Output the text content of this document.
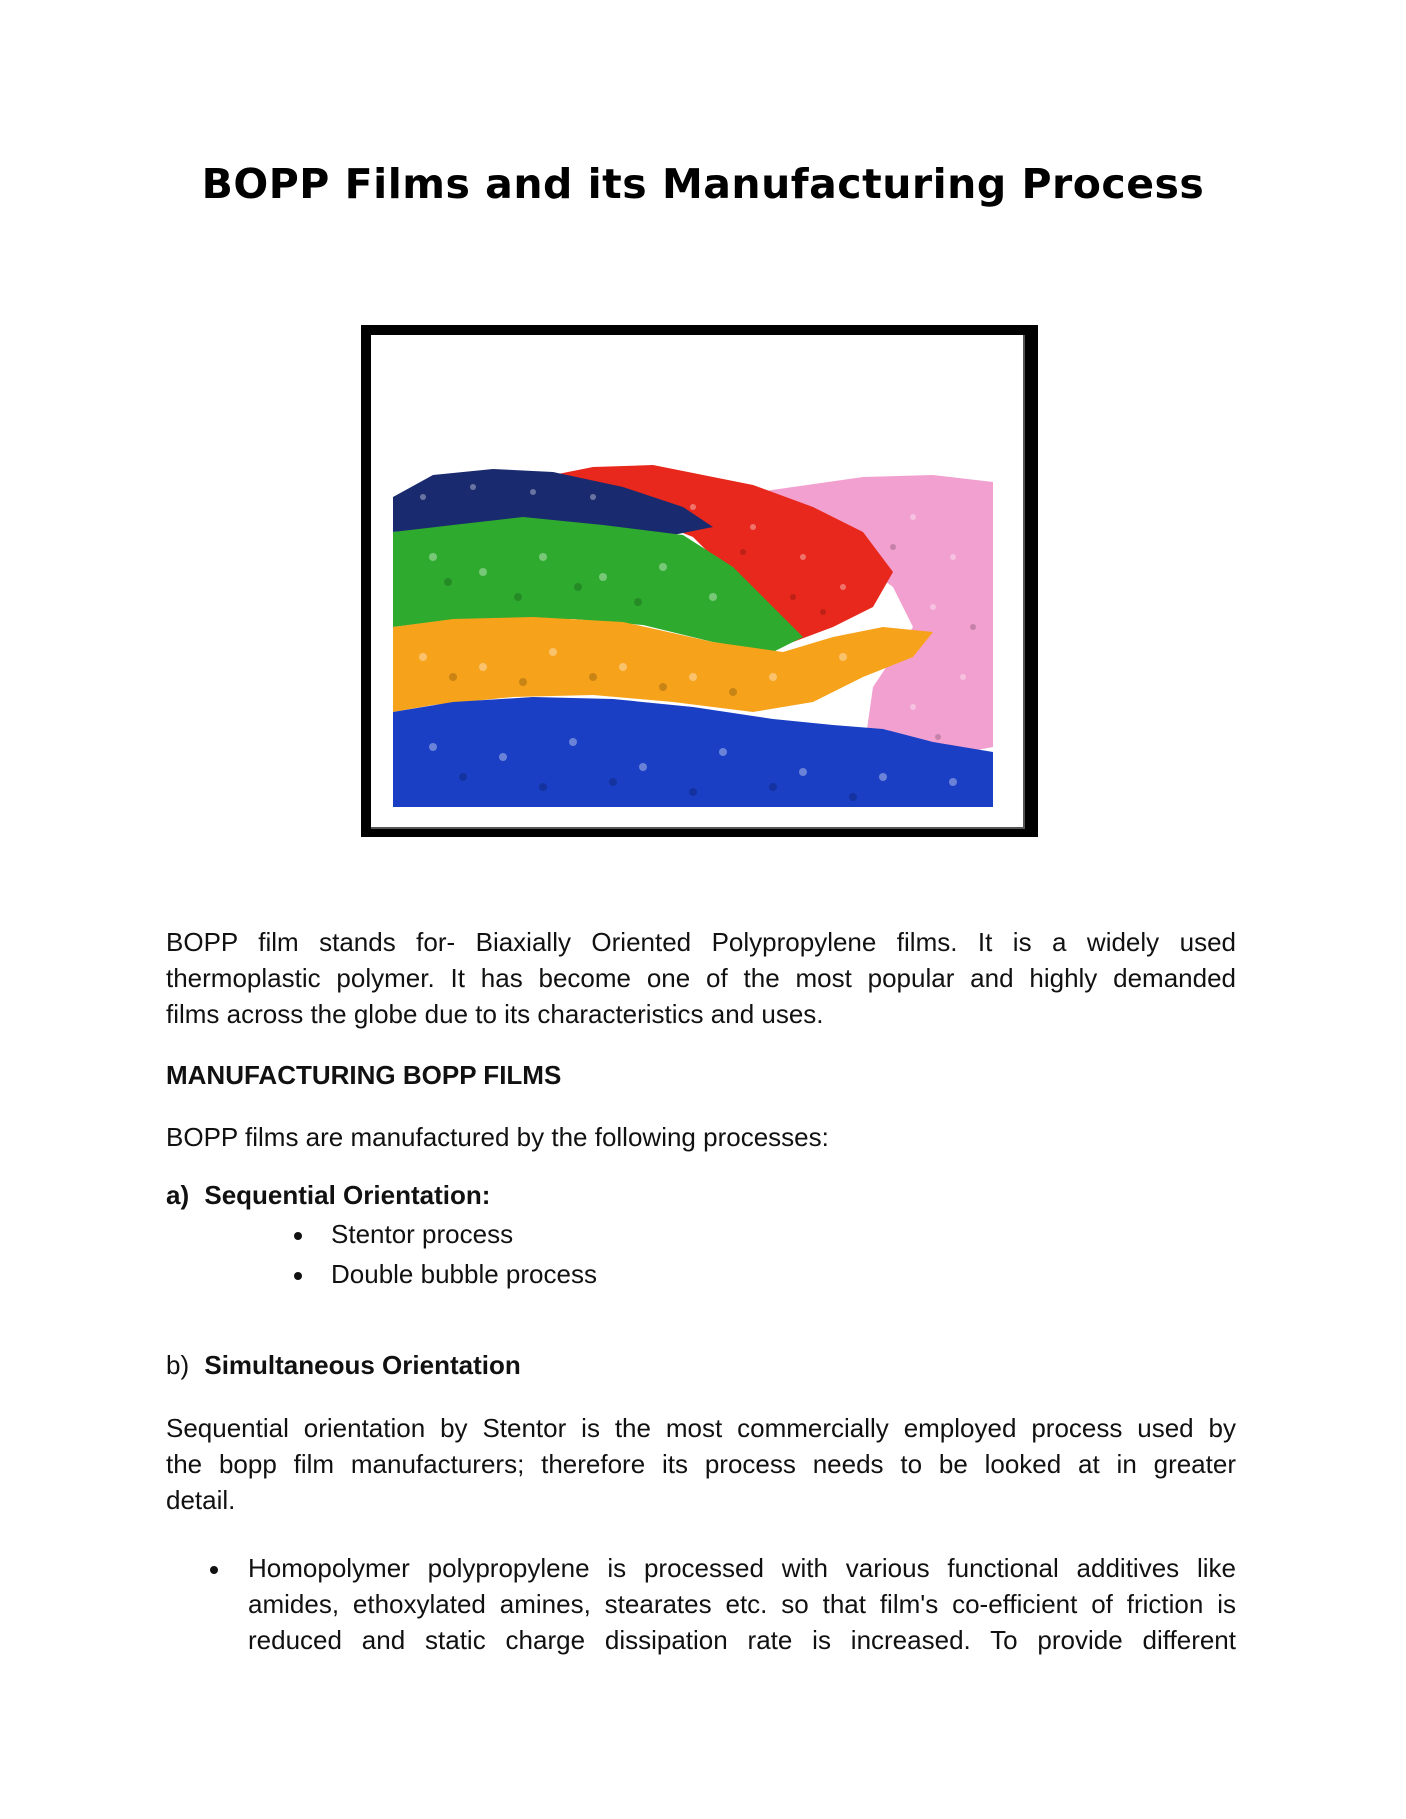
BOPP Films and its Manufacturing Process
BOPP film stands for- Biaxially Oriented Polypropylene films. It is a widely used
thermoplastic polymer. It has become one of the most popular and highly demanded
films across the globe due to its characteristics and uses.
MANUFACTURING BOPP FILMS
BOPP films are manufactured by the following processes:
a) Sequential Orientation:
Stentor process
Double bubble process
b) Simultaneous Orientation
Sequential orientation by Stentor is the most commercially employed process used by
the bopp film manufacturers; therefore its process needs to be looked at in greater
detail.
Homopolymer polypropylene is processed with various functional additives like
amides, ethoxylated amines, stearates etc. so that film's co-efficient of friction is
reduced and static charge dissipation rate is increased. To provide different
